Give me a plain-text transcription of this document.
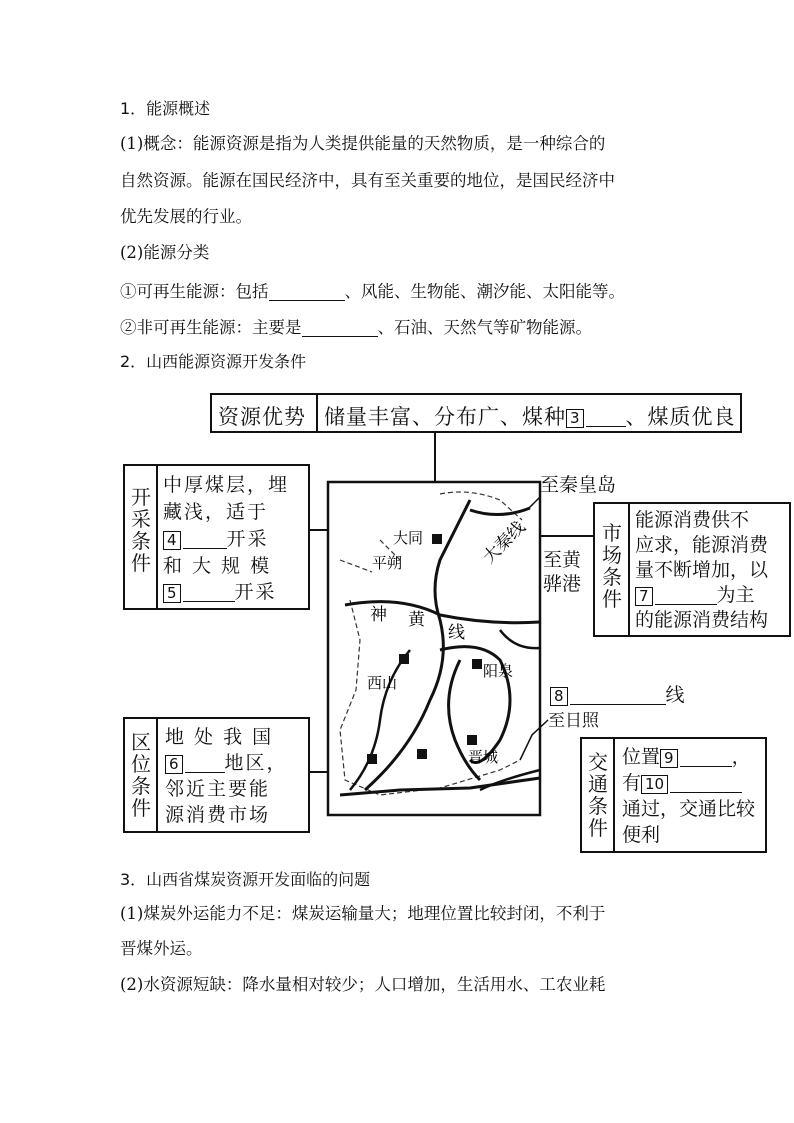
1．能源概述
(1)概念：能源资源是指为人类提供能量的天然物质，是一种综合的
自然资源。能源在国民经济中，具有至关重要的地位，是国民经济中
优先发展的行业。
(2)能源分类
①可再生能源：包括	、风能、生物能、潮汐能、太阳能等。
②非可再生能源：主要是	、石油、天然气等矿物能源。
2．山西能源资源开发条件
大同
平朔	大秦线
神 黄
线
西山
阳泉
晋城
资源优势 储量丰富、分布广、煤种 3 、煤质优良
开采条件
中厚煤层，埋
藏浅，适于
4	开采
和 大 规 模
5	开采
区位条件
地 处 我 国
6 地区，
邻近主要能
源消费市场
市场条件
能源消费供不
应求，能源消费
量不断增加，以
7	为主
的能源消费结构
交通条件
位置 9	，
有 10
通过，交通比较
便利
至秦皇岛
至黄骅港
8	线
至日照
3．山西省煤炭资源开发面临的问题
(1)煤炭外运能力不足：煤炭运输量大；地理位置比较封闭，不利于
晋煤外运。
(2)水资源短缺：降水量相对较少；人口增加，生活用水、工农业耗
